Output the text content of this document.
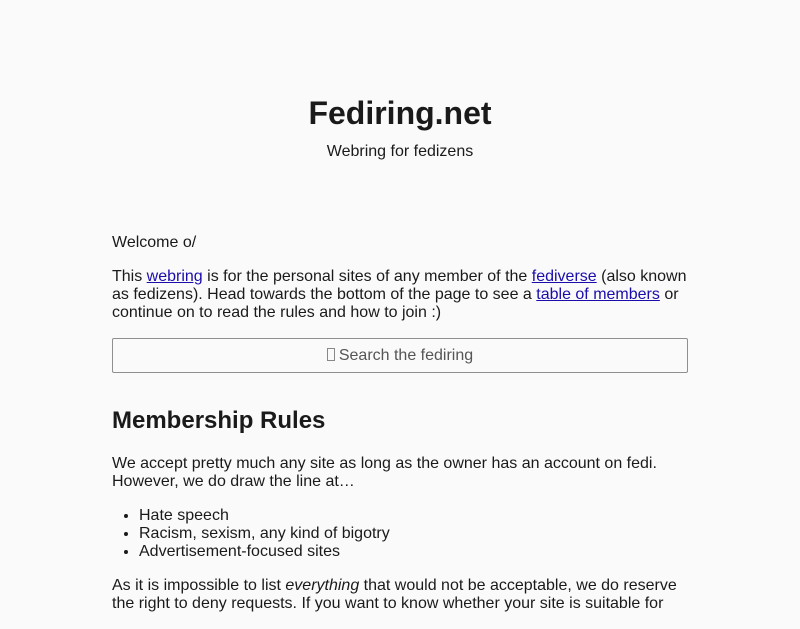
Fediring.net

Webring for fedizens

Welcome o/

This webring is for the personal sites of any member of the fediverse (also known as fedizens). Head towards the bottom of the page to see a table of members or continue on to read the rules and how to join :)

Search the fediring
Membership Rules

We accept pretty much any site as long as the owner has an account on fedi. However, we do draw the line at…

• Hate speech
• Racism, sexism, any kind of bigotry
• Advertisement-focused sites

As it is impossible to list everything that would not be acceptable, we do reserve the right to deny requests. If you want to know whether your site is suitable for
